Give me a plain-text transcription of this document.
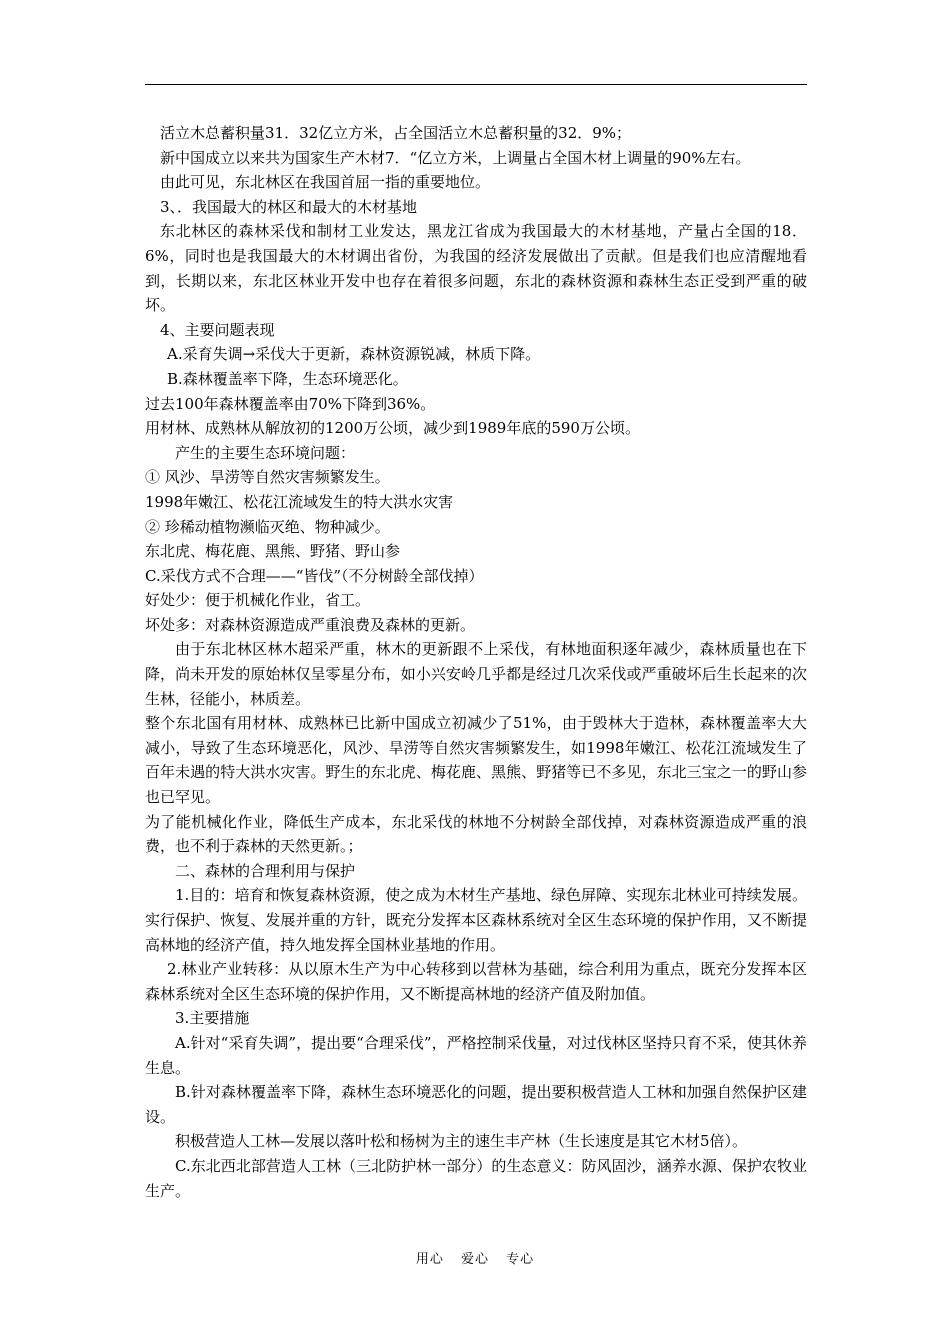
活立木总蓄积量31．32亿立方米，占全国活立木总蓄积量的32．9%；

新中国成立以来共为国家生产木材7．“亿立方米，上调量占全国木材上调量的90%左右。

由此可见，东北林区在我国首屈一指的重要地位。

3、．我国最大的林区和最大的木材基地

东北林区的森林采伐和制材工业发达，黑龙江省成为我国最大的木材基地，产量占全国的18．6%，同时也是我国最大的木材调出省份，为我国的经济发展做出了贡献。但是我们也应清醒地看到，长期以来，东北区林业开发中也存在着很多问题，东北的森林资源和森林生态正受到严重的破坏。

4、主要问题表现

A.采育失调→采伐大于更新，森林资源锐减，林质下降。

B.森林覆盖率下降，生态环境恶化。

过去100年森林覆盖率由70%下降到36%。

用材林、成熟林从解放初的1200万公顷，减少到1989年底的590万公顷。

产生的主要生态环境问题：

① 风沙、旱涝等自然灾害频繁发生。

1998年嫩江、松花江流域发生的特大洪水灾害

② 珍稀动植物濒临灭绝、物种减少。

东北虎、梅花鹿、黑熊、野猪、野山参

C.采伐方式不合理——“皆伐”（不分树龄全部伐掉）

好处少：便于机械化作业，省工。

坏处多：对森林资源造成严重浪费及森林的更新。

由于东北林区林木超采严重，林木的更新跟不上采伐，有林地面积逐年减少，森林质量也在下降，尚未开发的原始林仅呈零星分布，如小兴安岭几乎都是经过几次采伐或严重破坏后生长起来的次生林，径能小，林质差。

整个东北国有用材林、成熟林已比新中国成立初减少了51%，由于毁林大于造林，森林覆盖率大大减小，导致了生态环境恶化，风沙、旱涝等自然灾害频繁发生，如1998年嫩江、松花江流域发生了百年未遇的特大洪水灾害。野生的东北虎、梅花鹿、黑熊、野猪等已不多见，东北三宝之一的野山参也已罕见。

为了能机械化作业，降低生产成本，东北采伐的林地不分树龄全部伐掉，对森林资源造成严重的浪费，也不利于森林的天然更新。；

二、森林的合理利用与保护

1.目的：培育和恢复森林资源，使之成为木材生产基地、绿色屏障、实现东北林业可持续发展。实行保护、恢复、发展并重的方针，既充分发挥本区森林系统对全区生态环境的保护作用，又不断提高林地的经济产值，持久地发挥全国林业基地的作用。

2.林业产业转移：从以原木生产为中心转移到以营林为基础，综合利用为重点，既充分发挥本区森林系统对全区生态环境的保护作用，又不断提高林地的经济产值及附加值。

3.主要措施

A.针对“采育失调”，提出要“合理采伐”，严格控制采伐量，对过伐林区坚持只育不采，使其休养生息。

B.针对森林覆盖率下降，森林生态环境恶化的问题，提出要积极营造人工林和加强自然保护区建设。

积极营造人工林—发展以落叶松和杨树为主的速生丰产林（生长速度是其它木材5倍）。

C.东北西北部营造人工林（三北防护林一部分）的生态意义：防风固沙，涵养水源、保护农牧业生产。

用心 爱心 专心
